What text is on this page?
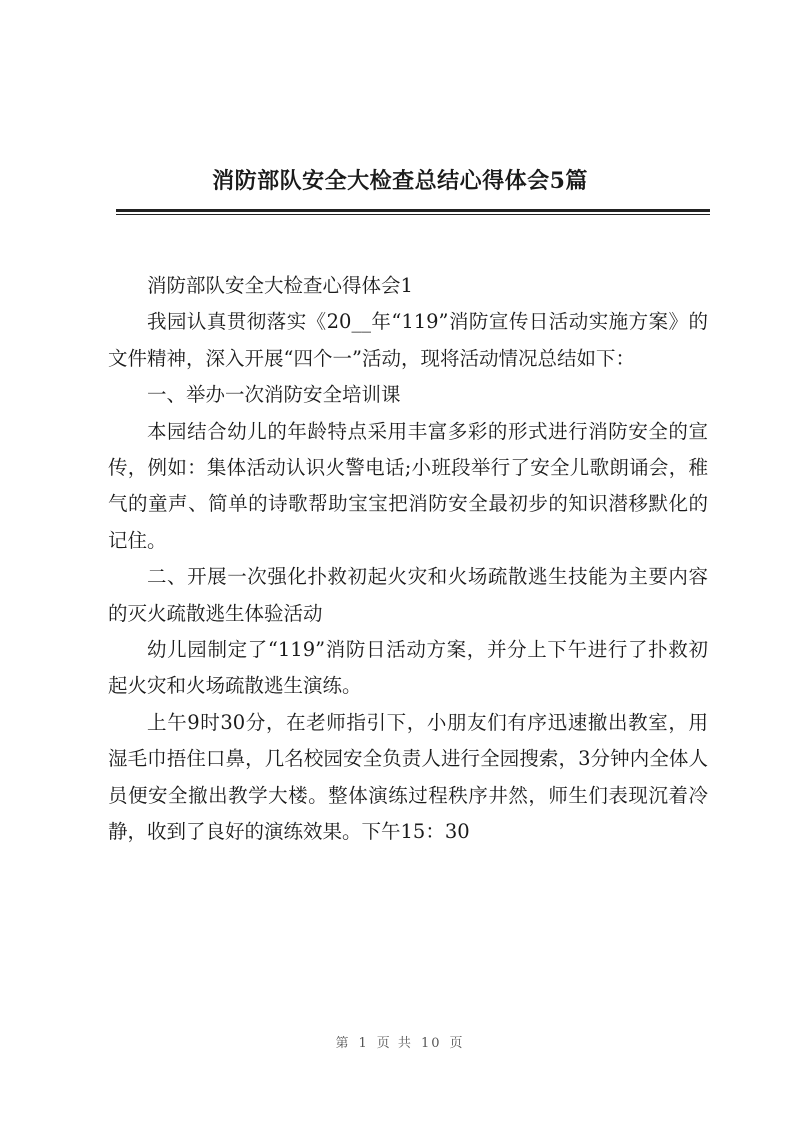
消防部队安全大检查总结心得体会5篇

消防部队安全大检查心得体会1

我园认真贯彻落实《20__年“119”消防宣传日活动实施方案》的文件精神，深入开展“四个一”活动，现将活动情况总结如下：

一、举办一次消防安全培训课

本园结合幼儿的年龄特点采用丰富多彩的形式进行消防安全的宣传，例如：集体活动认识火警电话;小班段举行了安全儿歌朗诵会，稚气的童声、简单的诗歌帮助宝宝把消防安全最初步的知识潜移默化的记住。

二、开展一次强化扑救初起火灾和火场疏散逃生技能为主要内容的灭火疏散逃生体验活动

幼儿园制定了“119”消防日活动方案，并分上下午进行了扑救初起火灾和火场疏散逃生演练。

上午9时30分，在老师指引下，小朋友们有序迅速撤出教室，用湿毛巾捂住口鼻，几名校园安全负责人进行全园搜索，3分钟内全体人员便安全撤出教学大楼。整体演练过程秩序井然，师生们表现沉着冷静，收到了良好的演练效果。下午15：30

第 1 页 共 10 页
